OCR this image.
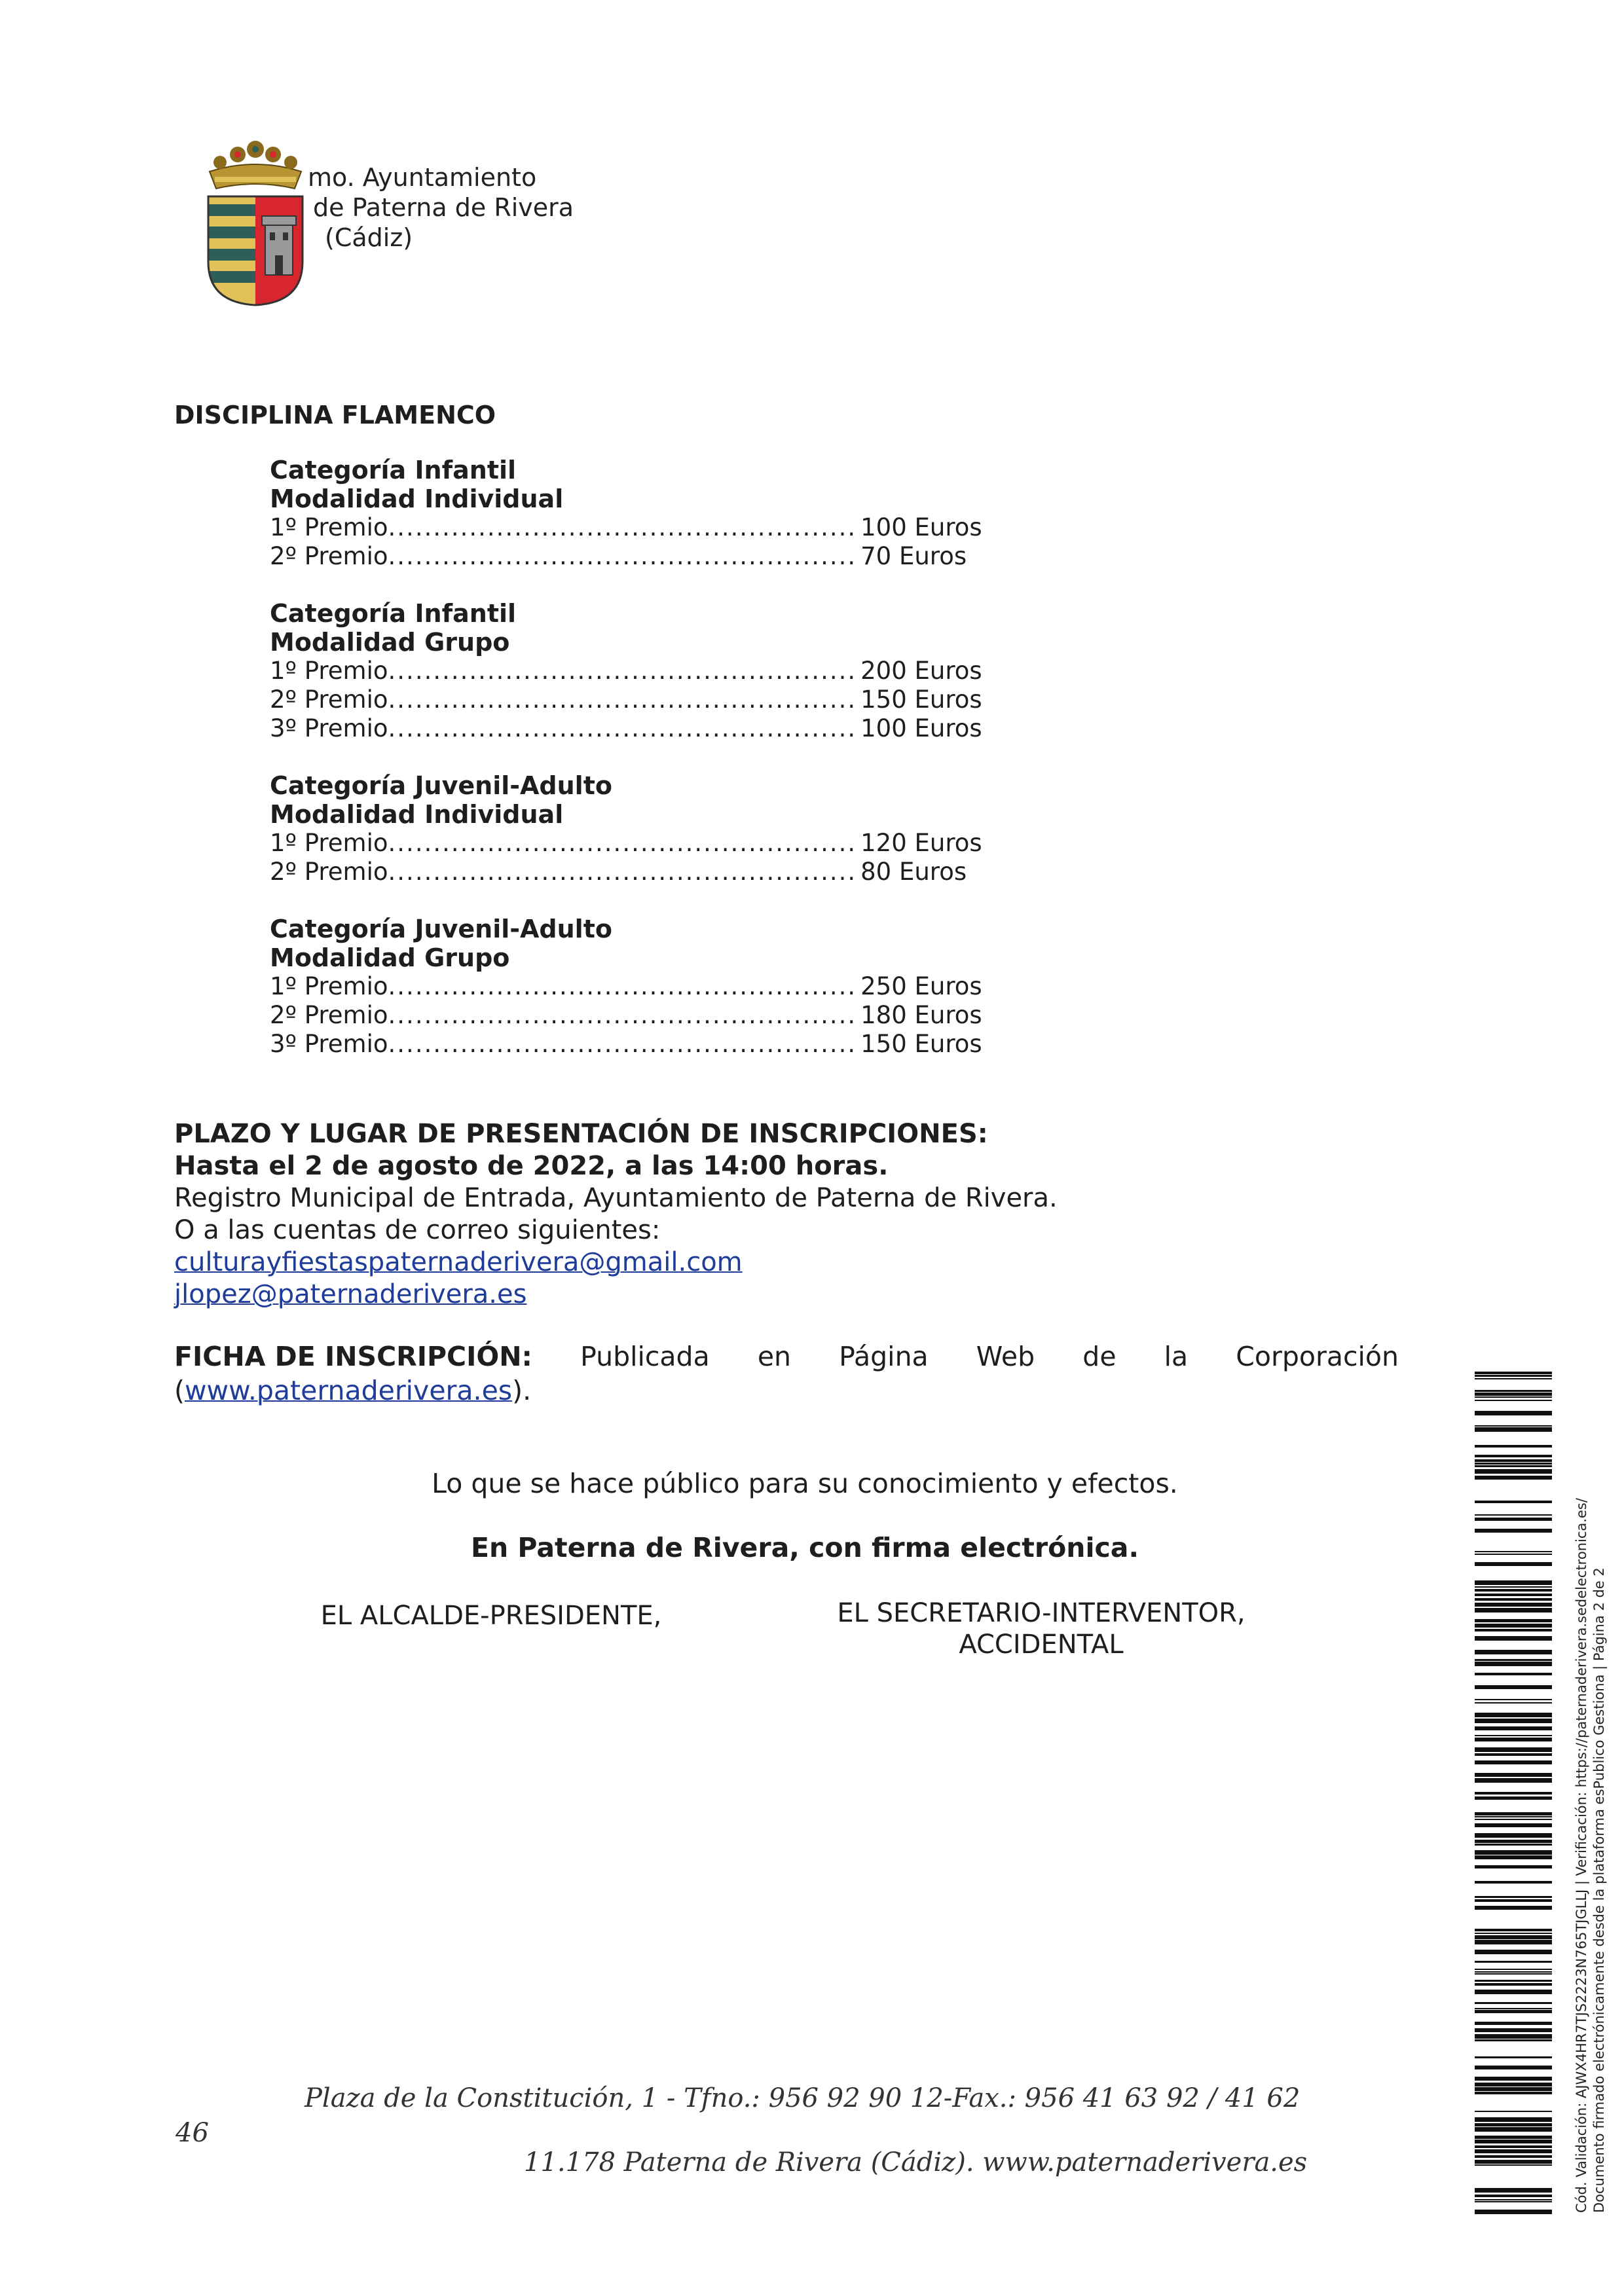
mo. Ayuntamiento
de Paterna de Rivera
(Cádiz)
DISCIPLINA FLAMENCO
Categoría Infantil
Modalidad Individual
1º Premio.................................................... 100 Euros
2º Premio.................................................... 70 Euros
Categoría Infantil
Modalidad Grupo
1º Premio.................................................... 200 Euros
2º Premio.................................................... 150 Euros
3º Premio.................................................... 100 Euros
Categoría Juvenil-Adulto
Modalidad Individual
1º Premio.................................................... 120 Euros
2º Premio.................................................... 80 Euros
Categoría Juvenil-Adulto
Modalidad Grupo
1º Premio.................................................... 250 Euros
2º Premio.................................................... 180 Euros
3º Premio.................................................... 150 Euros
PLAZO Y LUGAR DE PRESENTACIÓN DE INSCRIPCIONES:
Hasta el 2 de agosto de 2022, a las 14:00 horas.
Registro Municipal de Entrada, Ayuntamiento de Paterna de Rivera.
O a las cuentas de correo siguientes:
culturayfiestaspaternaderivera@gmail.com
jlopez@paternaderivera.es
FICHA DE INSCRIPCIÓN: Publicada en Página Web de la Corporación
(www.paternaderivera.es).
Lo que se hace público para su conocimiento y efectos.
En Paterna de Rivera, con firma electrónica.
EL ALCALDE-PRESIDENTE,	EL SECRETARIO-INTERVENTOR,
ACCIDENTAL
Plaza de la Constitución, 1 - Tfno.: 956 92 90 12-Fax.: 956 41 63 92 / 41 62
46
11.178 Paterna de Rivera (Cádiz). www.paternaderivera.es	Cód. Validación: AJWX4HR7TJS2223N765TJGLLJ | Verificación: https://paternaderivera.sedelectronica.es/ Documento firmado electrónicamente desde la plataforma esPublico Gestiona | Página 2 de 2
